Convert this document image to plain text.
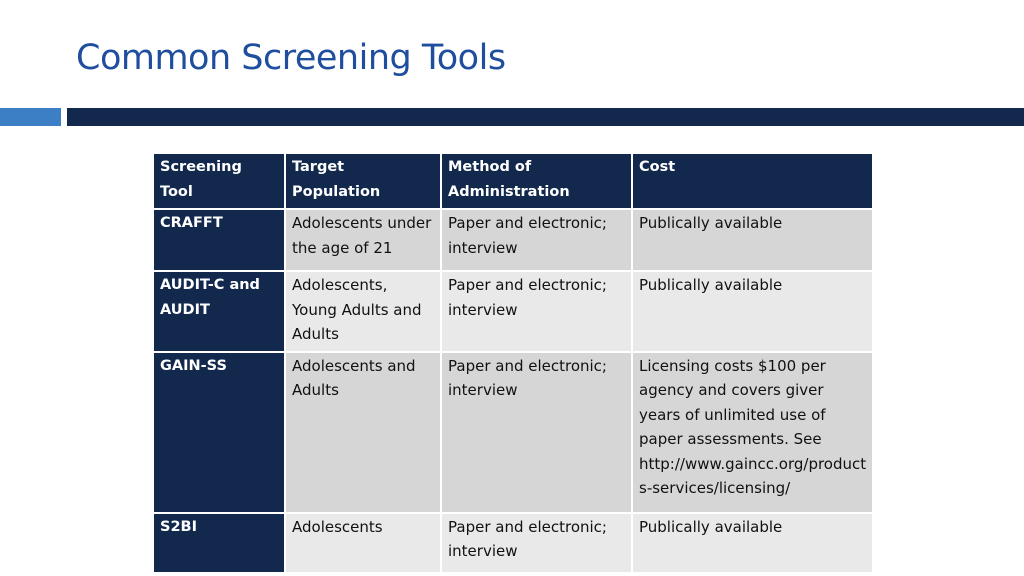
Common Screening Tools
Screening Tool	Target Population	Method of Administration	Cost
CRAFFT	Adolescents under the age of 21	Paper and electronic; interview	Publically available
AUDIT-C and AUDIT	Adolescents, Young Adults and Adults	Paper and electronic; interview	Publically available
GAIN-SS	Adolescents and Adults	Paper and electronic; interview	Licensing costs $100 per agency and covers giver years of unlimited use of paper assessments. See http://www.gaincc.org/products-services/licensing/
S2BI	Adolescents	Paper and electronic; interview	Publically available
